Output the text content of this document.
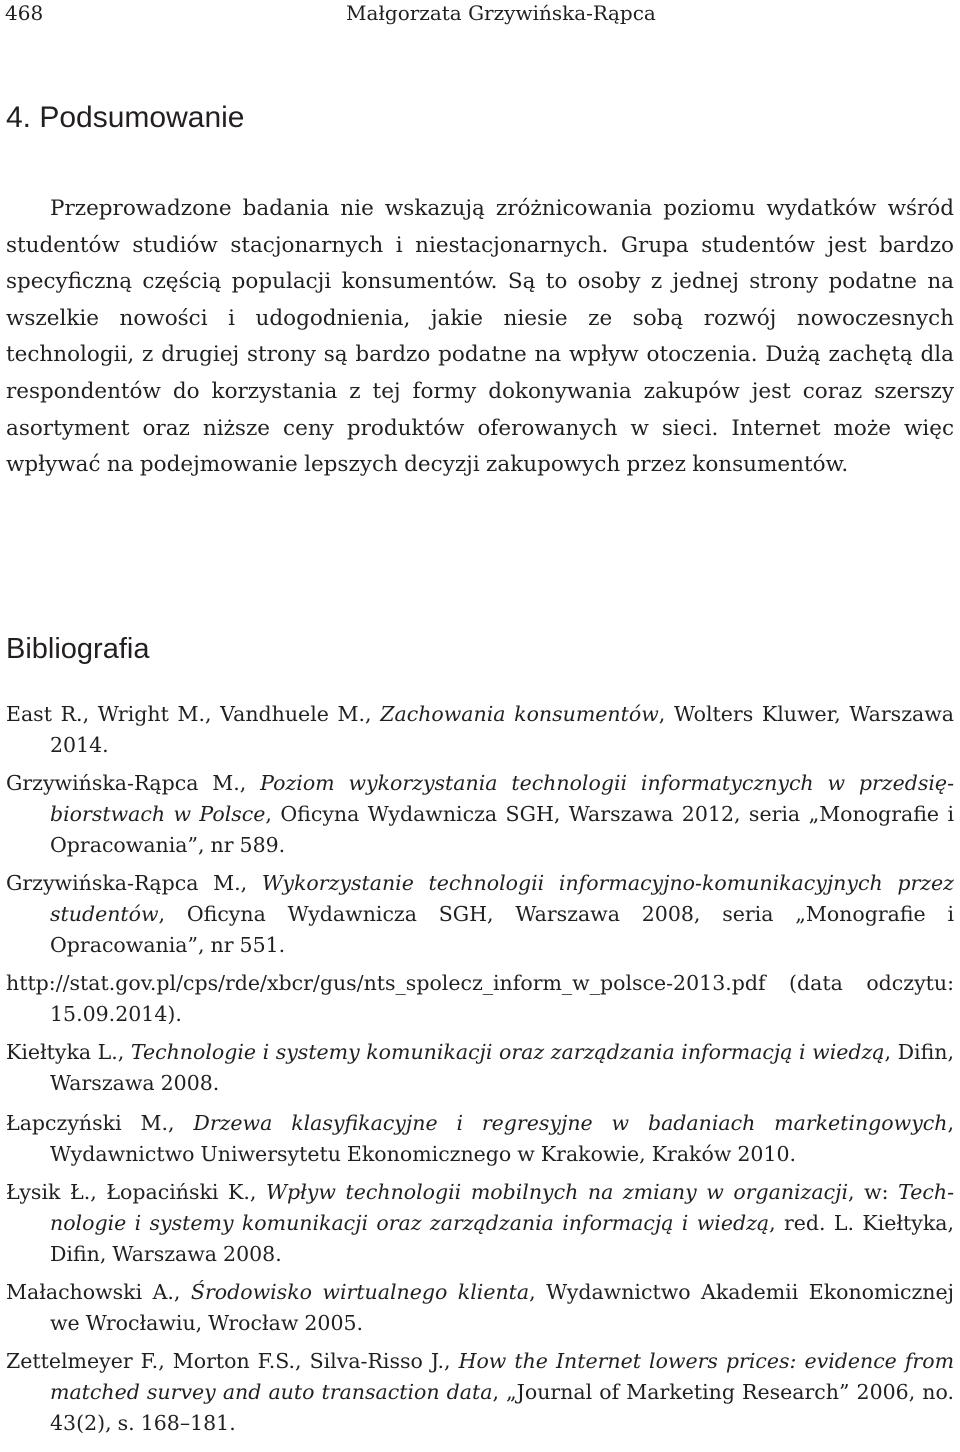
468	Małgorzata Grzywińska-Rąpca
4. Podsumowanie

Przeprowadzone badania nie wskazują zróżnicowania poziomu wydatków wśród studentów studiów stacjonarnych i niestacjonarnych. Grupa studentów jest bardzo specyficzną częścią populacji konsumentów. Są to osoby z jednej strony podatne na wszelkie nowości i udogodnienia, jakie niesie ze sobą rozwój nowoczesnych technologii, z drugiej strony są bardzo podatne na wpływ otoczenia. Dużą zachętą dla respondentów do korzystania z tej formy dokonywania zakupów jest coraz szerszy asortyment oraz niższe ceny produktów oferowanych w sieci. Internet może więc wpływać na podejmowanie lepszych decyzji zakupowych przez konsumentów.

Bibliografia
East R., Wright M., Vandhuele M., Zachowania konsumentów, Wolters Kluwer, Warszawa 2014.
Grzywińska-Rąpca M., Poziom wykorzystania technologii informatycznych w przedsiębiorstwach w Polsce, Oficyna Wydawnicza SGH, Warszawa 2012, seria „Monografie i Opracowania”, nr 589.
Grzywińska-Rąpca M., Wykorzystanie technologii informacyjno-komunikacyjnych przez studentów, Oficyna Wydawnicza SGH, Warszawa 2008, seria „Monografie i Opracowania”, nr 551.
http://stat.gov.pl/cps/rde/xbcr/gus/nts_spolecz_inform_w_polsce-2013.pdf (data odczytu: 15.09.2014).
Kiełtyka L., Technologie i systemy komunikacji oraz zarządzania informacją i wiedzą, Difin, Warszawa 2008.
Łapczyński M., Drzewa klasyfikacyjne i regresyjne w badaniach marketingowych, Wydawnictwo Uniwersytetu Ekonomicznego w Krakowie, Kraków 2010.
Łysik Ł., Łopaciński K., Wpływ technologii mobilnych na zmiany w organizacji, w: Technologie i systemy komunikacji oraz zarządzania informacją i wiedzą, red. L. Kiełtyka, Difin, Warszawa 2008.
Małachowski A., Środowisko wirtualnego klienta, Wydawnictwo Akademii Ekonomicznej we Wrocławiu, Wrocław 2005.
Zettelmeyer F., Morton F.S., Silva-Risso J., How the Internet lowers prices: evidence from matched survey and auto transaction data, „Journal of Marketing Research” 2006, no. 43(2), s. 168–181.
